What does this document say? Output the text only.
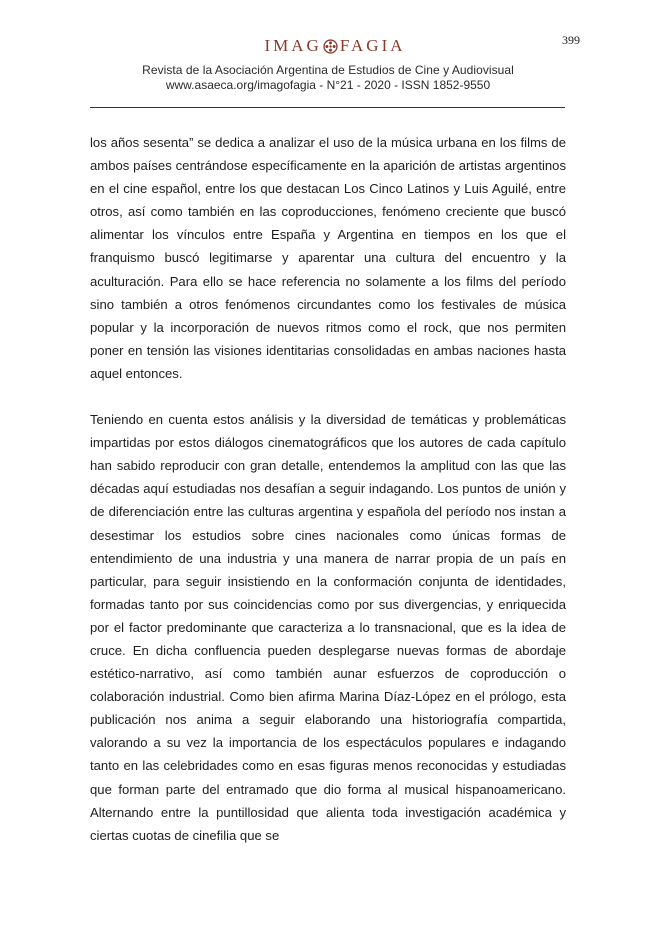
399
IMAG FAGIA
Revista de la Asociación Argentina de Estudios de Cine y Audiovisual
www.asaeca.org/imagofagia - N°21 - 2020 - ISSN 1852-9550

los años sesenta” se dedica a analizar el uso de la música urbana en los films de ambos países centrándose específicamente en la aparición de artistas argentinos en el cine español, entre los que destacan Los Cinco Latinos y Luis Aguilé, entre otros, así como también en las coproducciones, fenómeno creciente que buscó alimentar los vínculos entre España y Argentina en tiempos en los que el franquismo buscó legitimarse y aparentar una cultura del encuentro y la aculturación. Para ello se hace referencia no solamente a los films del período sino también a otros fenómenos circundantes como los festivales de música popular y la incorporación de nuevos ritmos como el rock, que nos permiten poner en tensión las visiones identitarias consolidadas en ambas naciones hasta aquel entonces.

Teniendo en cuenta estos análisis y la diversidad de temáticas y problemáticas impartidas por estos diálogos cinematográficos que los autores de cada capítulo han sabido reproducir con gran detalle, entendemos la amplitud con las que las décadas aquí estudiadas nos desafían a seguir indagando. Los puntos de unión y de diferenciación entre las culturas argentina y española del período nos instan a desestimar los estudios sobre cines nacionales como únicas formas de entendimiento de una industria y una manera de narrar propia de un país en particular, para seguir insistiendo en la conformación conjunta de identidades, formadas tanto por sus coincidencias como por sus divergencias, y enriquecida por el factor predominante que caracteriza a lo transnacional, que es la idea de cruce. En dicha confluencia pueden desplegarse nuevas formas de abordaje estético-narrativo, así como también aunar esfuerzos de coproducción o colaboración industrial. Como bien afirma Marina Díaz-López en el prólogo, esta publicación nos anima a seguir elaborando una historiografía compartida, valorando a su vez la importancia de los espectáculos populares e indagando tanto en las celebridades como en esas figuras menos reconocidas y estudiadas que forman parte del entramado que dio forma al musical hispanoamericano. Alternando entre la puntillosidad que alienta toda investigación académica y ciertas cuotas de cinefilia que se
